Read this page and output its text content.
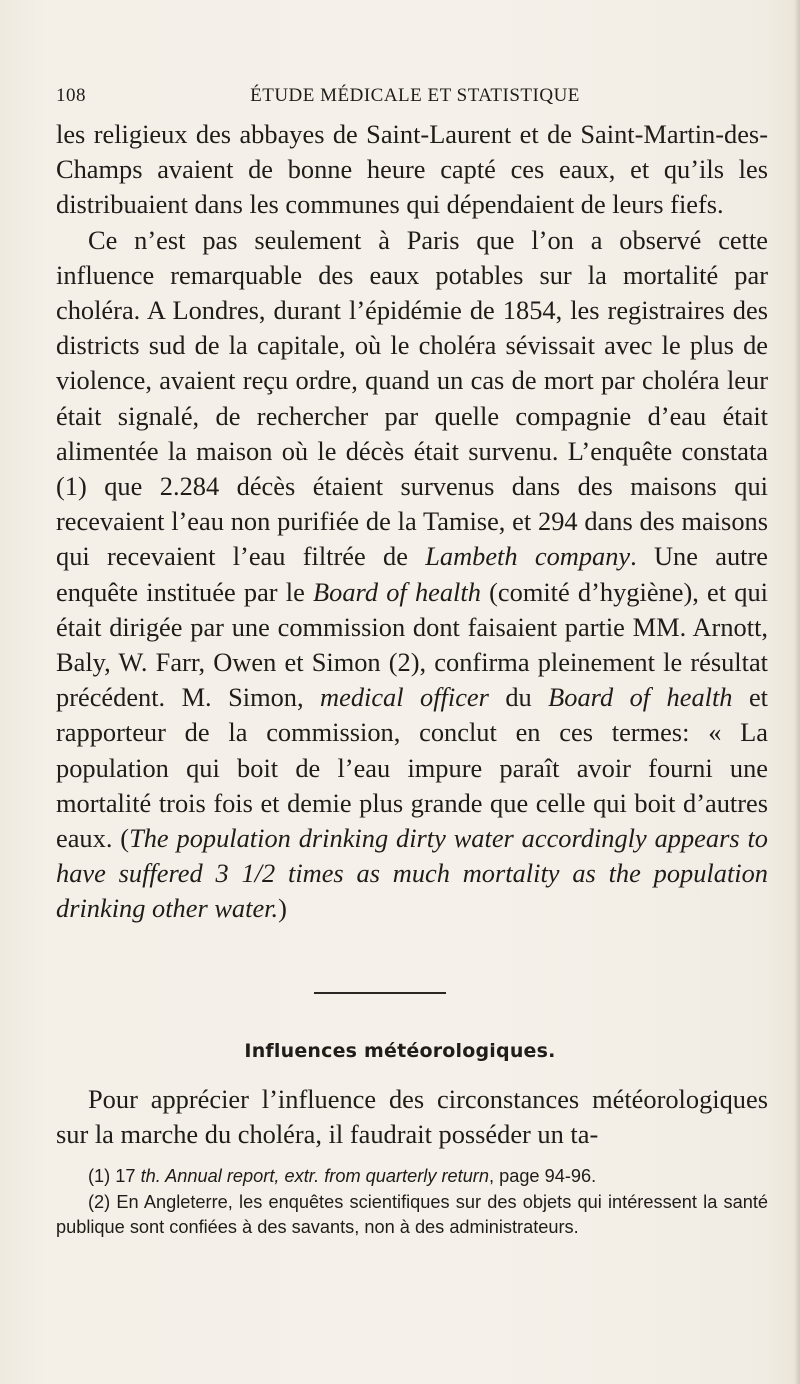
108	ÉTUDE MÉDICALE ET STATISTIQUE

les religieux des abbayes de Saint-Laurent et de Saint-Martin-des-Champs avaient de bonne heure capté ces eaux, et qu’ils les distribuaient dans les communes qui dépendaient de leurs fiefs.

Ce n’est pas seulement à Paris que l’on a observé cette influence remarquable des eaux potables sur la mortalité par choléra. A Londres, durant l’épidémie de 1854, les registraires des districts sud de la capitale, où le choléra sévissait avec le plus de violence, avaient reçu ordre, quand un cas de mort par choléra leur était signalé, de rechercher par quelle compagnie d’eau était alimentée la maison où le décès était survenu. L’enquête constata (1) que 2.284 décès étaient survenus dans des maisons qui recevaient l’eau non purifiée de la Tamise, et 294 dans des maisons qui recevaient l’eau filtrée de Lambeth company. Une autre enquête instituée par le Board of health (comité d’hygiène), et qui était dirigée par une commission dont faisaient partie MM. Arnott, Baly, W. Farr, Owen et Simon (2), confirma pleinement le résultat précédent. M. Simon, medical officer du Board of health et rapporteur de la commission, conclut en ces termes: « La population qui boit de l’eau impure paraît avoir fourni une mortalité trois fois et demie plus grande que celle qui boit d’autres eaux. (The population drinking dirty water accordingly appears to have suffered 3 1/2 times as much mortality as the population drinking other water.)

Influences météorologiques.

Pour apprécier l’influence des circonstances météorologiques sur la marche du choléra, il faudrait posséder un ta-

(1) 17 th. Annual report, extr. from quarterly return, page 94-96.

(2) En Angleterre, les enquêtes scientifiques sur des objets qui intéressent la santé publique sont confiées à des savants, non à des administrateurs.
